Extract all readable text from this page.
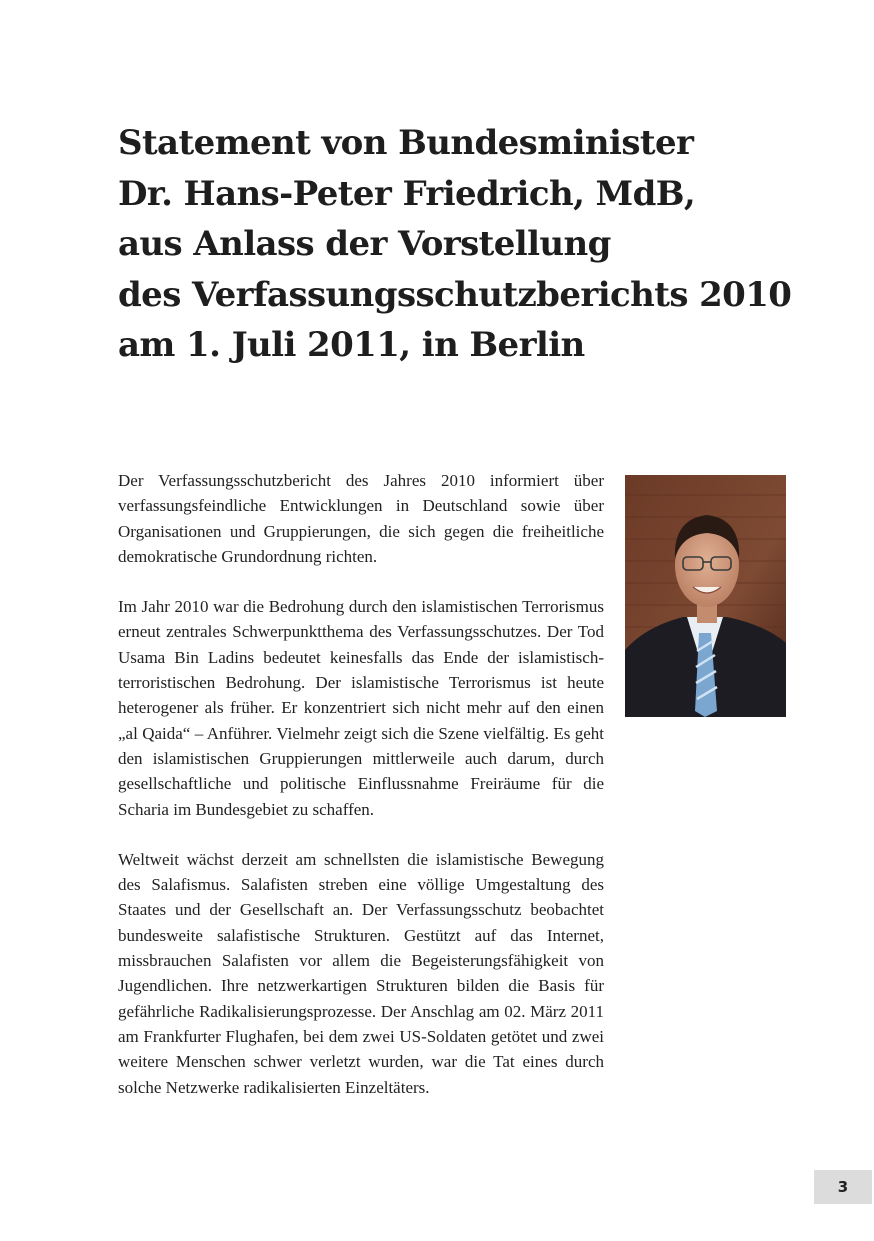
Statement von Bundesminister
Dr. Hans-Peter Friedrich, MdB,
aus Anlass der Vorstellung
des Verfassungsschutzberichts 2010
am 1. Juli 2011, in Berlin

Der Verfassungsschutzbericht des Jahres 2010 informiert über verfassungsfeindliche Entwicklungen in Deutschland sowie über Organisationen und Gruppierungen, die sich gegen die freiheitliche demokratische Grundordnung richten.

Im Jahr 2010 war die Bedrohung durch den islamistischen Terrorismus erneut zentrales Schwerpunktthema des Verfassungsschutzes. Der Tod Usama Bin Ladins bedeutet keinesfalls das Ende der islamistisch-terroristischen Bedrohung. Der islamistische Terrorismus ist heute heterogener als früher. Er konzentriert sich nicht mehr auf den einen „al Qaida“ – Anführer. Vielmehr zeigt sich die Szene vielfältig. Es geht den islamistischen Gruppierungen mittlerweile auch darum, durch gesellschaftliche und politische Einflussnahme Freiräume für die Scharia im Bundesgebiet zu schaffen.

Weltweit wächst derzeit am schnellsten die islamistische Bewegung des Salafismus. Salafisten streben eine völlige Umgestaltung des Staates und der Gesellschaft an. Der Verfassungsschutz beobachtet bundesweite salafistische Strukturen. Gestützt auf das Internet, missbrauchen Salafisten vor allem die Begeisterungsfähigkeit von Jugendlichen. Ihre netzwerkartigen Strukturen bilden die Basis für gefährliche Radikalisierungsprozesse. Der Anschlag am 02. März 2011 am Frankfurter Flughafen, bei dem zwei US-Soldaten getötet und zwei weitere Menschen schwer verletzt wurden, war die Tat eines durch solche Netzwerke radikalisierten Einzeltäters.

3
